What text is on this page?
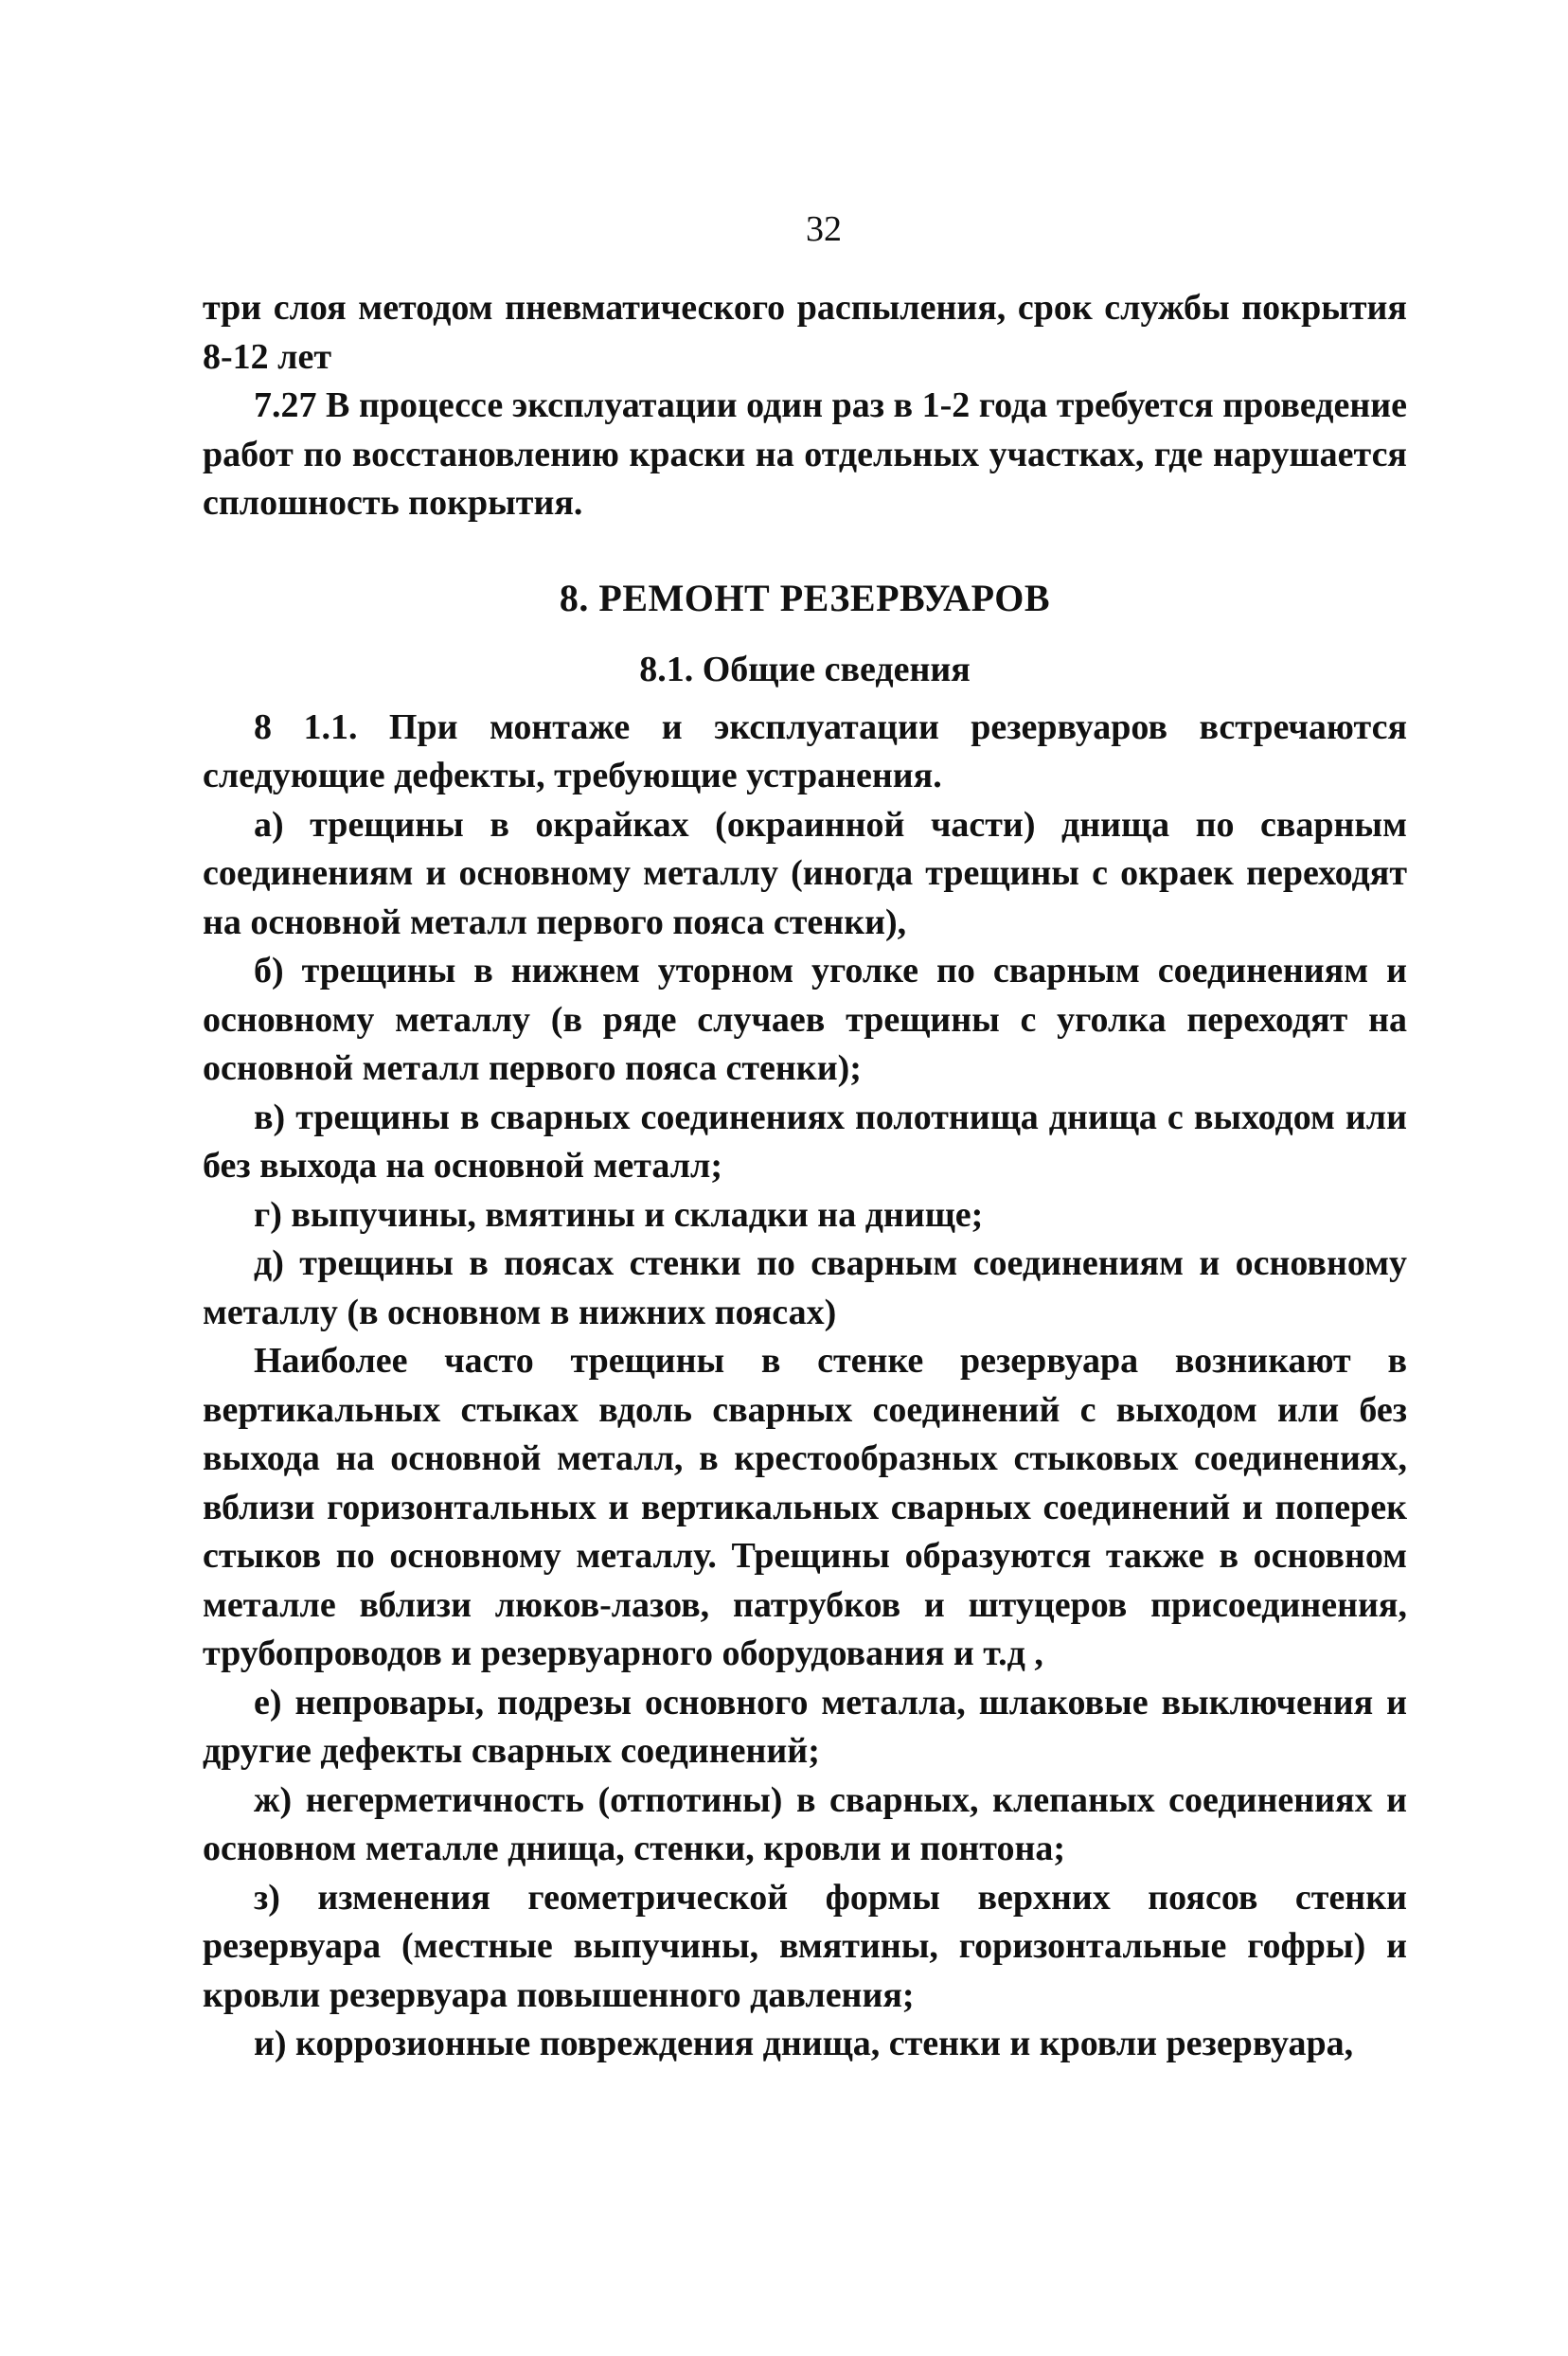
32

три слоя методом пневматического распыления, срок службы покрытия 8-12 лет

7.27 В процессе эксплуатации один раз в 1-2 года требуется проведение работ по восстановлению краски на отдельных участках, где нарушается сплошность покрытия.

8. РЕМОНТ РЕЗЕРВУАРОВ
8.1. Общие сведения

8 1.1. При монтаже и эксплуатации резервуаров встречаются следующие дефекты, требующие устранения.

а) трещины в окрайках (окраинной части) днища по сварным соединениям и основному металлу (иногда трещины с окраек переходят на основной металл первого пояса стенки),

б) трещины в нижнем уторном уголке по сварным соединениям и основному металлу (в ряде случаев трещины с уголка переходят на основной металл первого пояса стенки);

в) трещины в сварных соединениях полотнища днища с выходом или без выхода на основной металл;

г) выпучины, вмятины и складки на днище;

д) трещины в поясах стенки по сварным соединениям и основному металлу (в основном в нижних поясах)

Наиболее часто трещины в стенке резервуара возникают в вертикальных стыках вдоль сварных соединений с выходом или без выхода на основной металл, в крестообразных стыковых соединениях, вблизи горизонтальных и вертикальных сварных соединений и поперек стыков по основному металлу. Трещины образуются также в основном металле вблизи люков-лазов, патрубков и штуцеров присоединения, трубопроводов и резервуарного оборудования и т.д ,

е) непровары, подрезы основного металла, шлаковые выключения и другие дефекты сварных соединений;

ж) негерметичность (отпотины) в сварных, клепаных соединениях и основном металле днища, стенки, кровли и понтона;

з) изменения геометрической формы верхних поясов стенки резервуара (местные выпучины, вмятины, горизонтальные гофры) и кровли резервуара повышенного давления;

и) коррозионные повреждения днища, стенки и кровли резервуара,
